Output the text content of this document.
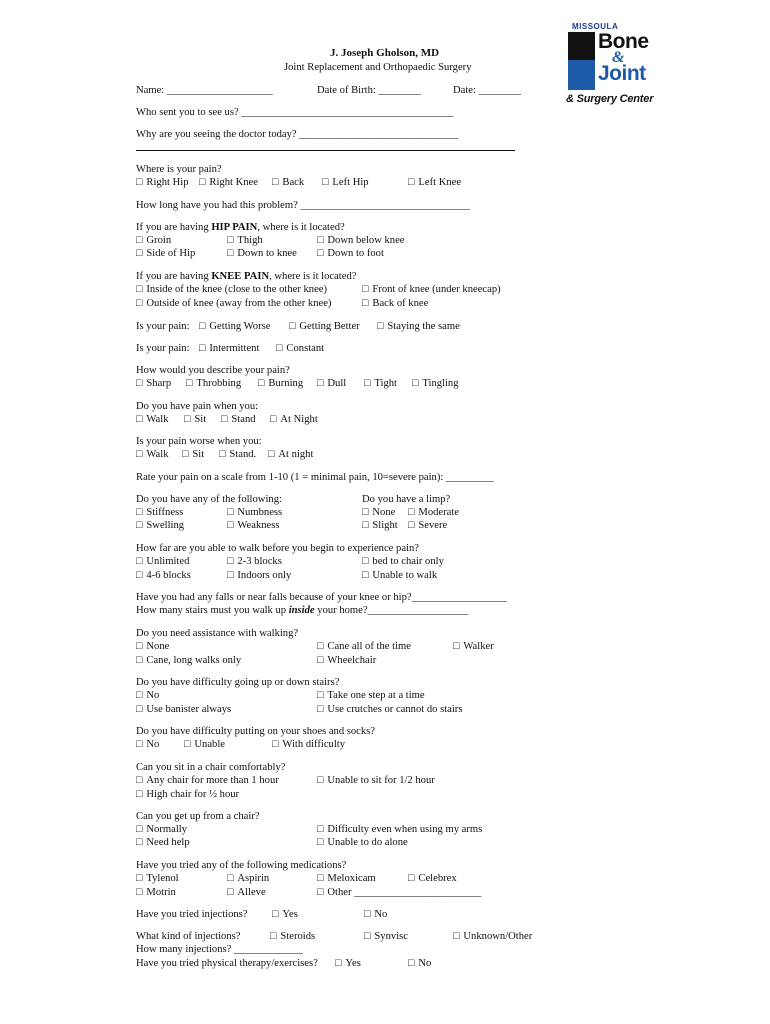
MISSOULA
Bone
&
Joint
& Surgery Center
J. Joseph Gholson, MD
Joint Replacement and Orthopaedic Surgery
Name: ____________________	Date of Birth: ________	Date: ________
Who sent you to see us? ________________________________________
Why are you seeing the doctor today? ______________________________
Where is your pain?
□ Right Hip	□ Right Knee	□ Back	□ Left Hip	□ Left Knee
How long have you had this problem? ________________________________
If you are having HIP PAIN, where is it located?
□ Groin	□ Thigh	□ Down below knee
□ Side of Hip	□ Down to knee	□ Down to foot
If you are having KNEE PAIN, where is it located?
□ Inside of the knee (close to the other knee)	□ Front of knee (under kneecap)
□ Outside of knee (away from the other knee)	□ Back of knee
Is your pain:	□ Getting Worse	□ Getting Better	□ Staying the same
Is your pain:	□ Intermittent	□ Constant
How would you describe your pain?
□ Sharp	□ Throbbing	□ Burning	□ Dull	□ Tight	□ Tingling
Do you have pain when you:
□ Walk	□ Sit	□ Stand	□ At Night
Is your pain worse when you:
□ Walk	□ Sit	□ Stand.	□ At night
Rate your pain on a scale from 1-10 (1 = minimal pain, 10=severe pain): _________
Do you have any of the following:	Do you have a limp?
□ Stiffness	□ Numbness	□ None	□ Moderate
□ Swelling	□ Weakness	□ Slight	□ Severe
How far are you able to walk before you begin to experience pain?
□ Unlimited	□ 2-3 blocks	□ bed to chair only
□ 4-6 blocks	□ Indoors only	□ Unable to walk
Have you had any falls or near falls because of your knee or hip?__________________
How many stairs must you walk up inside your home?___________________
Do you need assistance with walking?
□ None	□ Cane all of the time	□ Walker
□ Cane, long walks only	□ Wheelchair
Do you have difficulty going up or down stairs?
□ No	□ Take one step at a time
□ Use banister always	□ Use crutches or cannot do stairs
Do you have difficulty putting on your shoes and socks?
□ No	□ Unable	□ With difficulty
Can you sit in a chair comfortably?
□ Any chair for more than 1 hour	□ Unable to sit for 1/2 hour
□ High chair for ½ hour
Can you get up from a chair?
□ Normally	□ Difficulty even when using my arms
□ Need help	□ Unable to do alone
Have you tried any of the following medications?
□ Tylenol	□ Aspirin	□ Meloxicam	□ Celebrex
□ Motrin	□ Alleve	□ Other ________________________
Have you tried injections?	□ Yes	□ No
What kind of injections?	□ Steroids	□ Synvisc	□ Unknown/Other
How many injections? _____________
Have you tried physical therapy/exercises?	□ Yes	□ No
